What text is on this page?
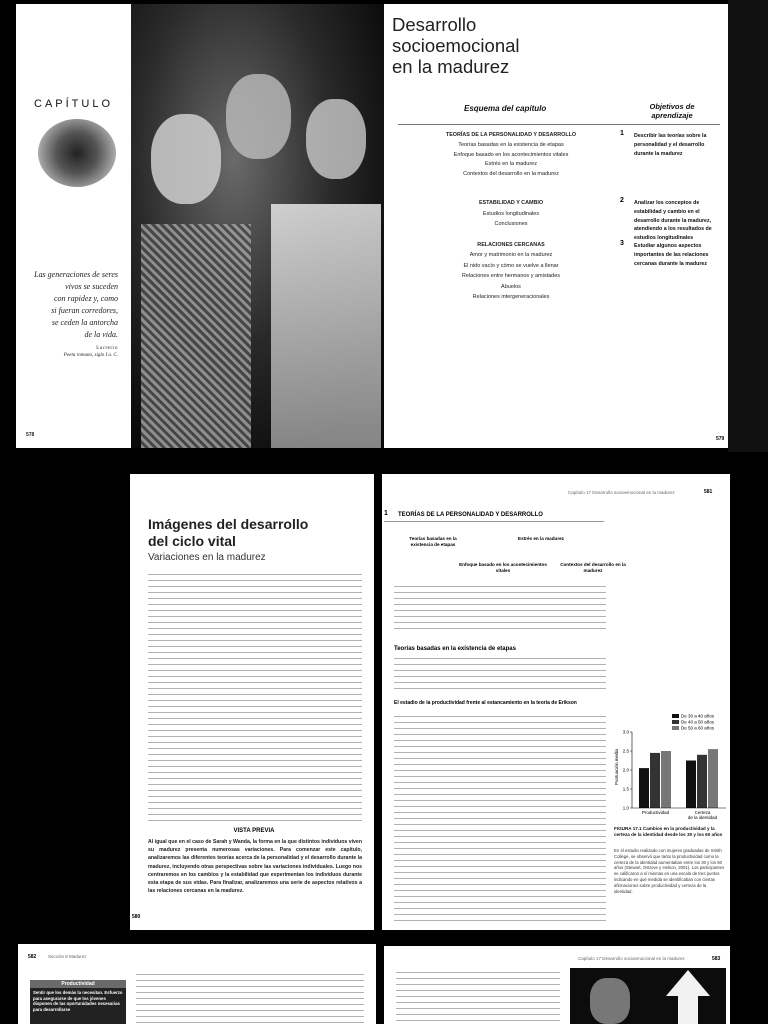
CAPÍTULO
Las generaciones de seres
vivos se suceden
con rapidez y, como
si fueran corredores,
se ceden la antorcha
de la vida.
Lucrecio
Poeta romano, siglo I a. C.
578
Desarrollo
socioemocional
en la madurez
Esquema del capítulo	Objetivos de aprendizaje
TEORÍAS DE LA PERSONALIDAD Y DESARROLLO
Teorías basadas en la existencia de etapas
Enfoque basado en los acontecimientos vitales
Estrés en la madurez
Contextos del desarrollo en la madurez
1 Describir las teorías sobre la personalidad y el desarrollo durante la madurez
ESTABILIDAD Y CAMBIO
Estudios longitudinales
Conclusiones
2 Analizar los conceptos de estabilidad y cambio en el desarrollo durante la madurez, atendiendo a los resultados de estudios longitudinales
RELACIONES CERCANAS
Amor y matrimonio en la madurez
El nido vacío y cómo se vuelve a llenar
Relaciones entre hermanos y amistades
Abuelos
Relaciones intergeneracionales
3 Estudiar algunos aspectos importantes de las relaciones cercanas durante la madurez
579
Imágenes del desarrollo
del ciclo vital
Variaciones en la madurez
VISTA PREVIA
Al igual que en el caso de Sarah y Wanda, la forma en la que distintos individuos viven su madurez presenta numerosas variaciones. Para comenzar este capítulo, analizaremos las diferentes teorías acerca de la personalidad y el desarrollo durante la madurez, incluyendo otras perspectivas sobre las variaciones individuales. Luego nos centraremos en los cambios y la estabilidad que experimentan los individuos durante esta etapa de sus vidas. Para finalizar, analizaremos una serie de aspectos relativos a las relaciones cercanas en la madurez.
580
Capítulo 17 Desarrollo socioemocional en la madurez	581
1 TEORÍAS DE LA PERSONALIDAD Y DESARROLLO
Teorías basadas en la existencia de etapas
Estrés en la madurez
Enfoque basado en los acontecimientos vitales
Contextos del desarrollo en la madurez
Teorías basadas en la existencia de etapas
El estadio de la productividad frente al estancamiento en la teoría de Erikson
Puntuación media
1.0
1.5
2.0
2.5
3.0
Productividad	Certeza de la identidad
De 30 a 40 años
De 40 a 50 años
De 50 a 60 años
FIGURA 17.1 Cambios en la productividad y la certeza de la identidad desde los 30 y los 60 años
En el estudio realizado con mujeres graduadas de Smith College, se observó que tanto la productividad como la certeza de la identidad aumentaban entre los 30 y los 60 años (Stewart, Ostrove y Helson, 2001). Los participantes se calificaron a sí mismas en una escala de tres puntos indicando en qué medida se identificaban con ciertas afirmaciones sobre productividad y certeza de la identidad.
582	Sección 8 Madurez
Productividad
Sentir que los demás la necesitan. Esfuerzo para asegurarse de que los jóvenes disponen de las oportunidades necesarias para desarrollarse
Capítulo 17 Desarrollo socioemocional en la madurez	583
